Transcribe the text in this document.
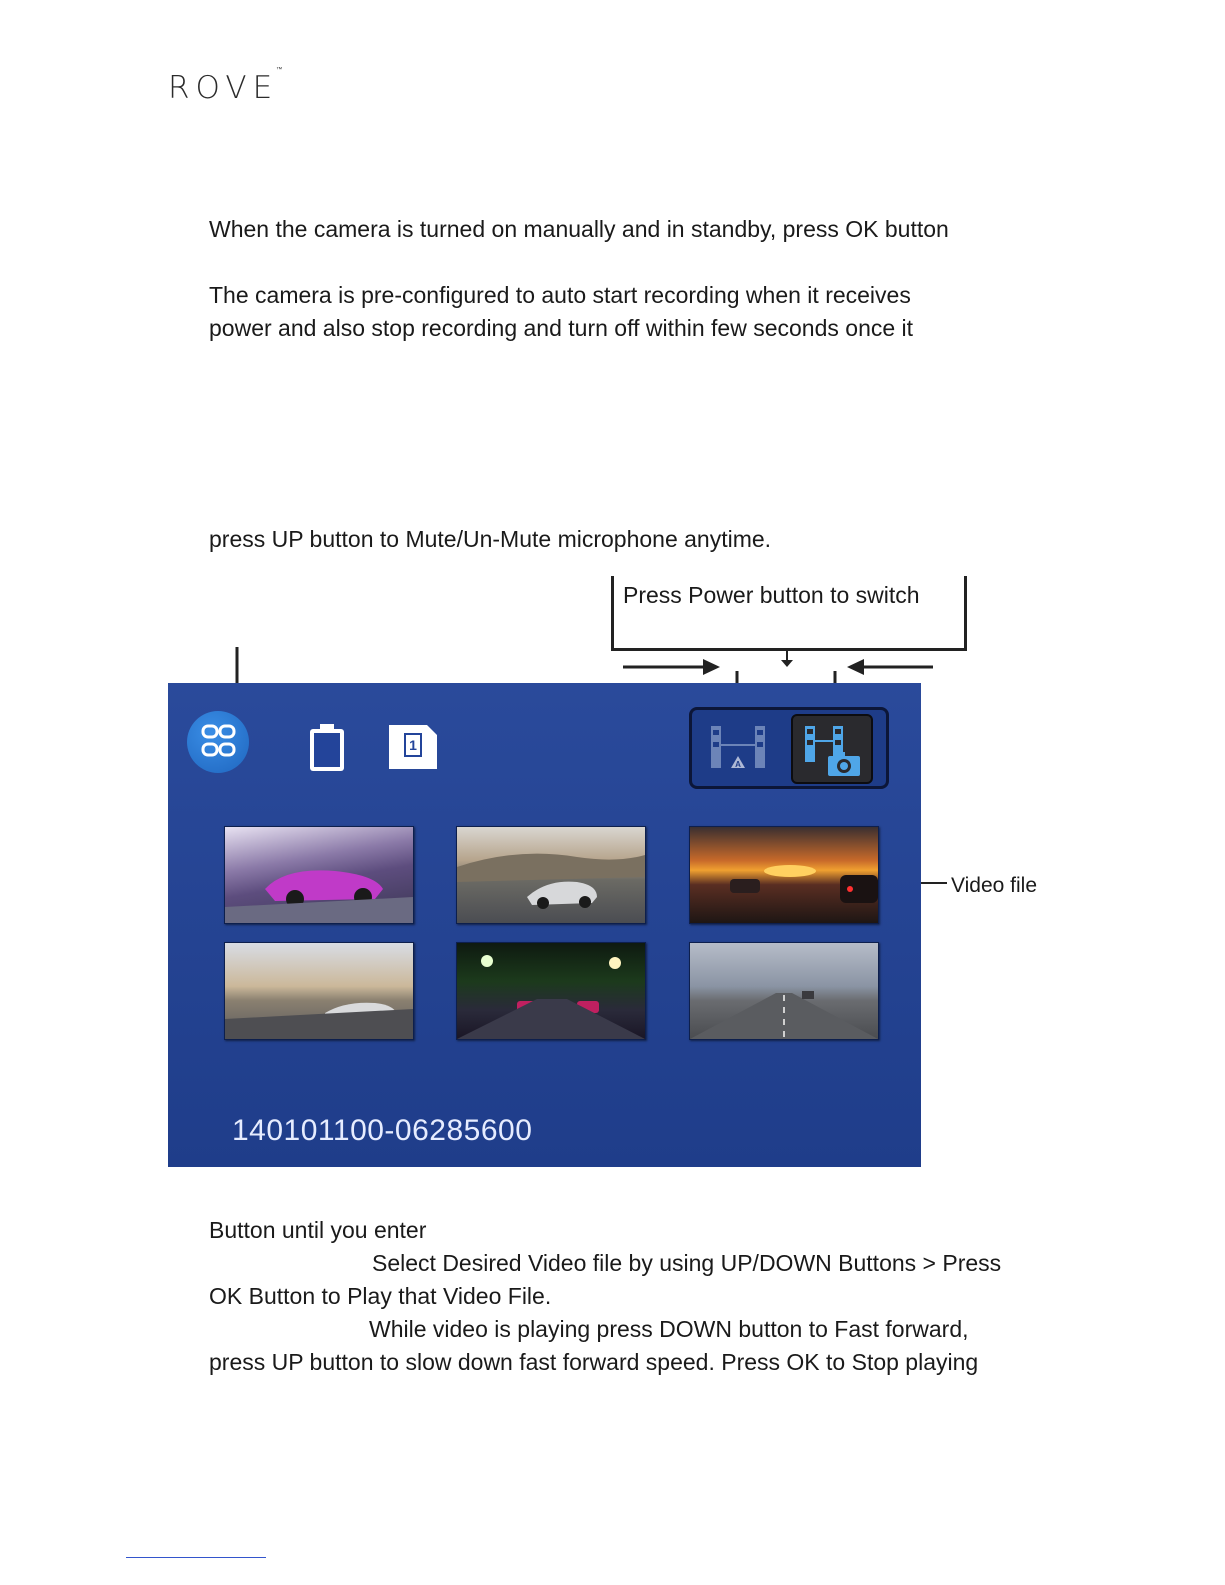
ROVE
™

When the camera is turned on manually and in standby, press OK button

The camera is pre-configured to auto start recording when it receives

power and also stop recording and turn off within few seconds once it

press UP button to Mute/Un-Mute microphone anytime.

Press Power button to switch
1
A
140101100-06285600
Video file

Button until you enter

Select Desired Video file by using UP/DOWN Buttons > Press

OK Button to Play that Video File.

While video is playing press DOWN button to Fast forward,

press UP button to slow down fast forward speed. Press OK to Stop playing
